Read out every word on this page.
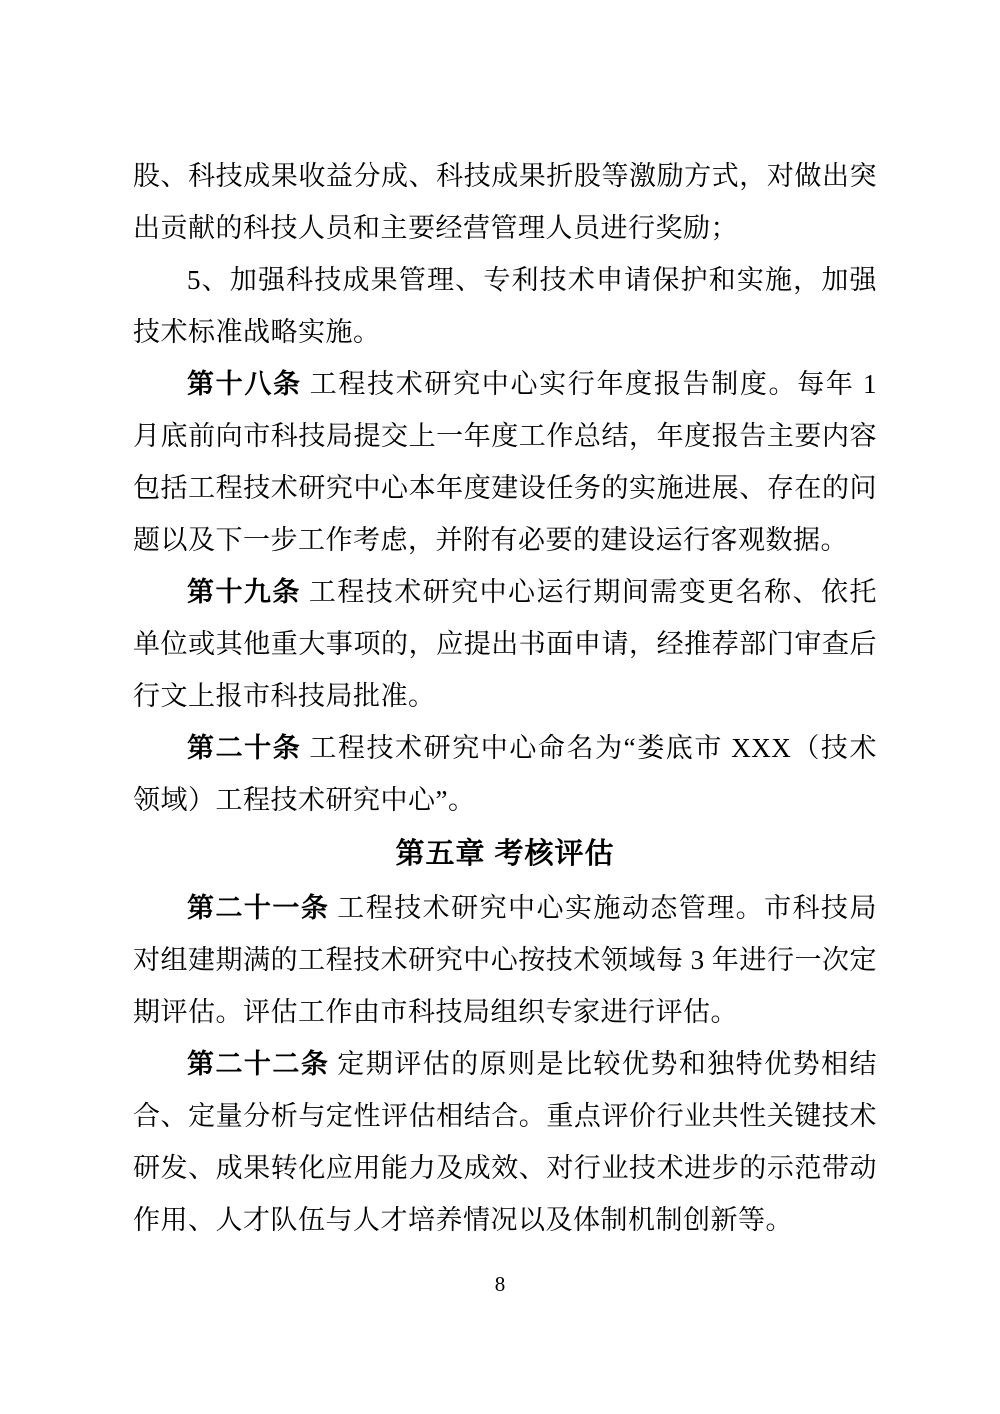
股、科技成果收益分成、科技成果折股等激励方式，对做出突出贡献的科技人员和主要经营管理人员进行奖励；

5、加强科技成果管理、专利技术申请保护和实施，加强技术标准战略实施。

第十八条 工程技术研究中心实行年度报告制度。每年 1 月底前向市科技局提交上一年度工作总结，年度报告主要内容包括工程技术研究中心本年度建设任务的实施进展、存在的问题以及下一步工作考虑，并附有必要的建设运行客观数据。

第十九条 工程技术研究中心运行期间需变更名称、依托单位或其他重大事项的，应提出书面申请，经推荐部门审查后行文上报市科技局批准。

第二十条 工程技术研究中心命名为“娄底市 XXX（技术领域）工程技术研究中心”。

第五章 考核评估

第二十一条 工程技术研究中心实施动态管理。市科技局对组建期满的工程技术研究中心按技术领域每 3 年进行一次定期评估。评估工作由市科技局组织专家进行评估。

第二十二条 定期评估的原则是比较优势和独特优势相结合、定量分析与定性评估相结合。重点评价行业共性关键技术研发、成果转化应用能力及成效、对行业技术进步的示范带动作用、人才队伍与人才培养情况以及体制机制创新等。

8
